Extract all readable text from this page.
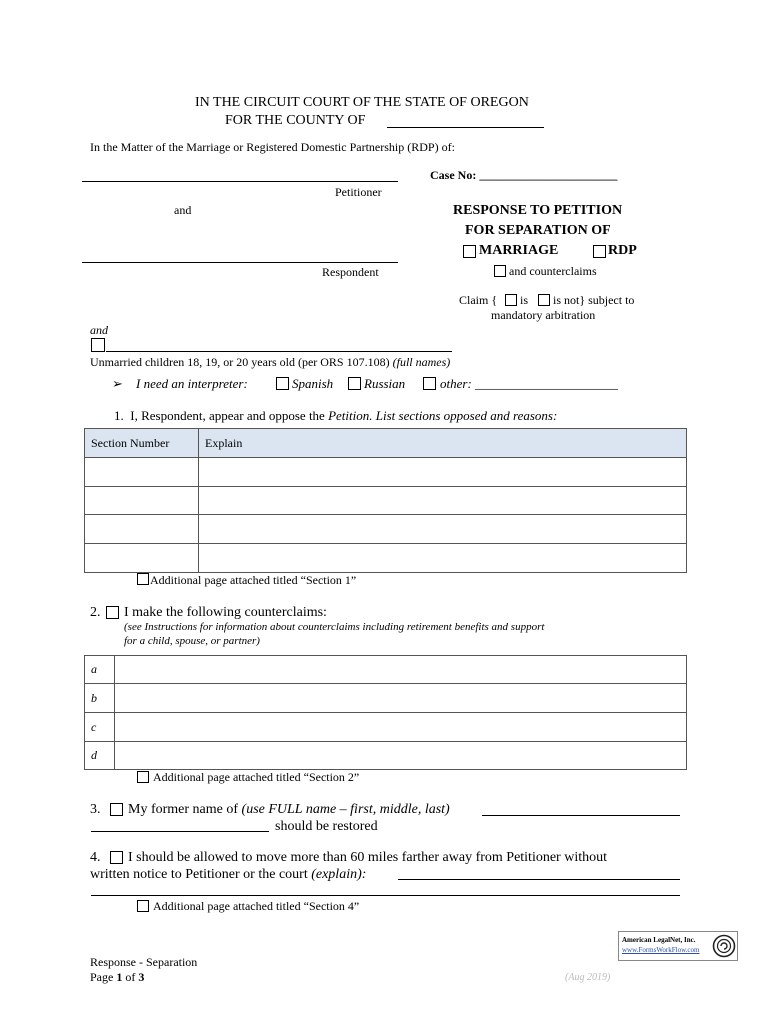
IN THE CIRCUIT COURT OF THE STATE OF OREGON
FOR THE COUNTY OF
In the Matter of the Marriage or Registered Domestic Partnership (RDP) of:
Petitioner
and
Respondent
Case No: _______________________
RESPONSE TO PETITION
FOR SEPARATION OF
MARRIAGE	RDP
and counterclaims
Claim { is is not} subject to
mandatory arbitration
and
Unmarried children 18, 19, or 20 years old (per ORS 107.108) (full names)
➢ I need an interpreter:	Spanish Russian	other: ______________________
1. I, Respondent, appear and oppose the Petition. List sections opposed and reasons:
Section Number	Explain

Additional page attached titled “Section 1”
2. I make the following counterclaims:
(see Instructions for information about counterclaims including retirement benefits and support
for a child, spouse, or partner)
a	
b	
c	
d	
Additional page attached titled “Section 2”
3. My former name of (use FULL name – first, middle, last)
should be restored
4. I should be allowed to move more than 60 miles farther away from Petitioner without
written notice to Petitioner or the court (explain):
Additional page attached titled “Section 4”
Response - Separation
Page 1 of 3	(Aug 2019)
American LegalNet, Inc.
www.FormsWorkFlow.com
